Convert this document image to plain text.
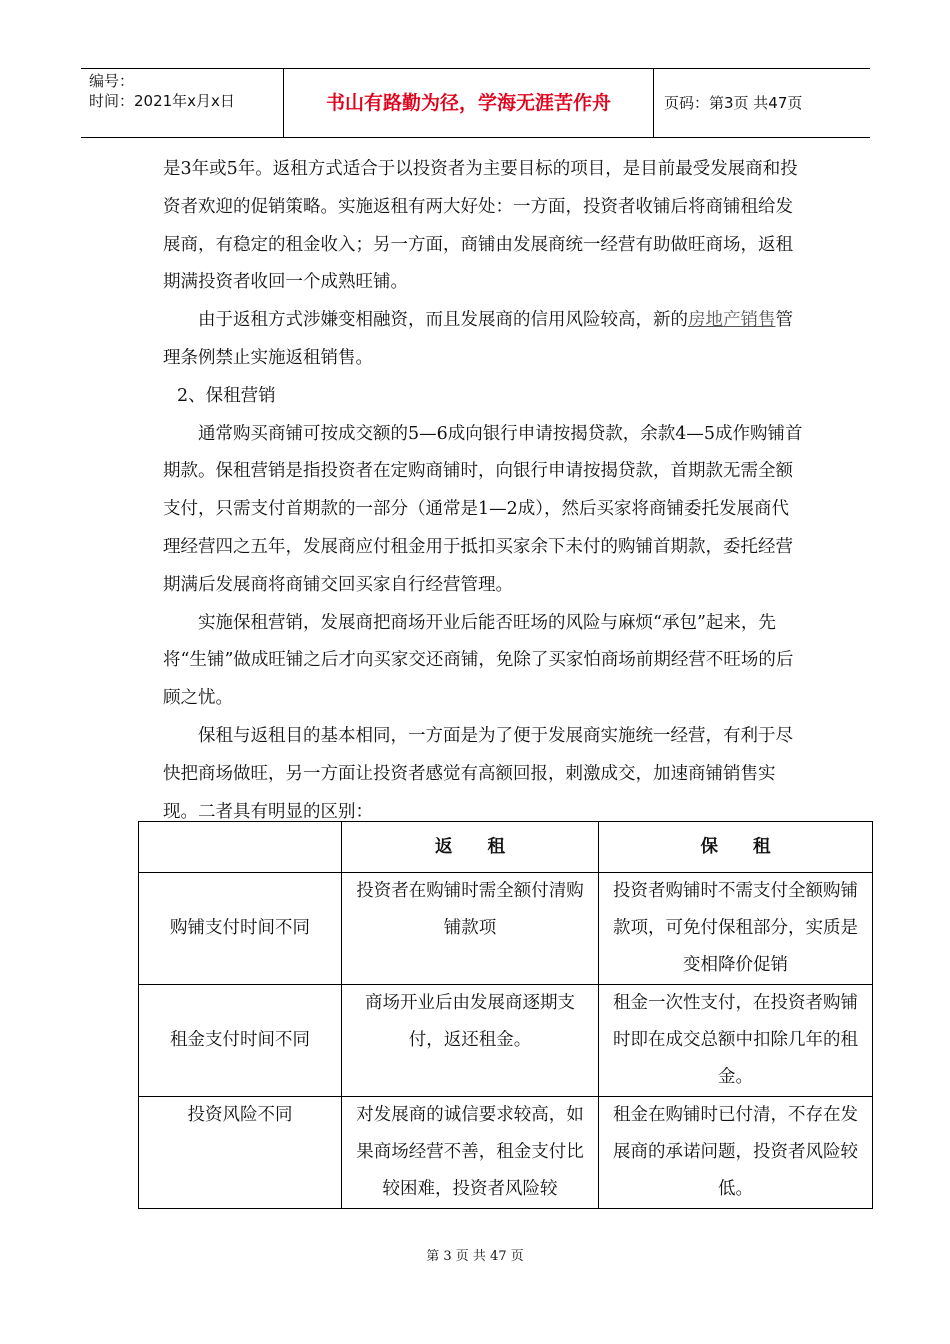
编号：
时间：2021年x月x日	书山有路勤为径，学海无涯苦作舟	页码：第3页 共47页

是3年或5年。返租方式适合于以投资者为主要目标的项目，是目前最受发展商和投资者欢迎的促销策略。实施返租有两大好处：一方面，投资者收铺后将商铺租给发展商，有稳定的租金收入；另一方面，商铺由发展商统一经营有助做旺商场，返租期满投资者收回一个成熟旺铺。

由于返租方式涉嫌变相融资，而且发展商的信用风险较高，新的房地产销售管理条例禁止实施返租销售。

2、保租营销

通常购买商铺可按成交额的5—6成向银行申请按揭贷款，余款4—5成作购铺首期款。保租营销是指投资者在定购商铺时，向银行申请按揭贷款，首期款无需全额支付，只需支付首期款的一部分（通常是1—2成），然后买家将商铺委托发展商代理经营四之五年，发展商应付租金用于抵扣买家余下未付的购铺首期款，委托经营期满后发展商将商铺交回买家自行经营管理。

实施保租营销，发展商把商场开业后能否旺场的风险与麻烦“承包”起来，先将“生铺”做成旺铺之后才向买家交还商铺，免除了买家怕商场前期经营不旺场的后顾之忧。

保租与返租目的基本相同，一方面是为了便于发展商实施统一经营，有利于尽快把商场做旺，另一方面让投资者感觉有高额回报，刺激成交，加速商铺销售实现。二者具有明显的区别：

	返　　租	保　　租
购铺支付时间不同	投资者在购铺时需全额付清购铺款项	投资者购铺时不需支付全额购铺款项，可免付保租部分，实质是变相降价促销
租金支付时间不同	商场开业后由发展商逐期支付，返还租金。	租金一次性支付，在投资者购铺时即在成交总额中扣除几年的租金。
投资风险不同	对发展商的诚信要求较高，如果商场经营不善，租金支付比较困难，投资者风险较	租金在购铺时已付清，不存在发展商的承诺问题，投资者风险较低。
第 3 页 共 47 页
